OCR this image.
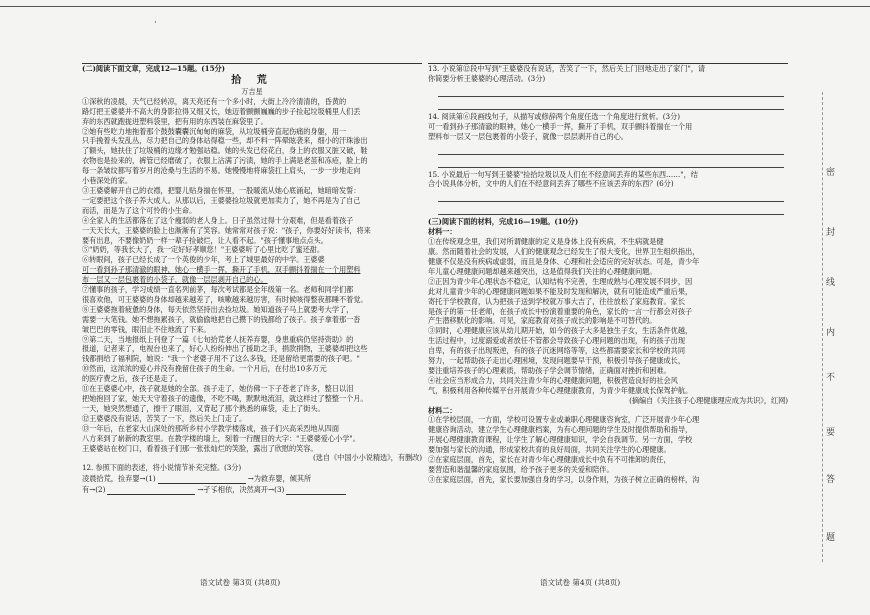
·
(二)阅读下面文章，完成12—15题。(15分)
拾 荒
万吉星
①深秋的凌晨，天气已经转凉，离天亮还有一个多小时，大街上冷冷清清的，昏黄的
路灯把王婆婆并不高大的身影拉得又细又长，她迈着颤颤巍巍的步子捡起垃圾桶里人们丢
弃的东西就跑拢进塑料袋里，把有用的东西装在麻袋里了。
②她有些吃力地拖着那个鼓鼓囊囊沉甸甸的麻袋，从垃圾桶旁直起伤痛的身躯，用一
只手挽着头发乱丛，尽力把自己的身体站得稳一些，却不料一阵晕眩袭来，细小的汗珠渗出
了额头，她扶住了垃圾桶的边缘才勉强站稳。她的头发已经花白，身上的衣服又脏又破，鞋
衣物也是捡来的，裤管已经磨破了，衣服上沾满了污渍，她的手上满是老茧和冻疮，脸上的
每一条皱纹都写着岁月的沧桑与生活的不易。她慢慢地将麻袋扛上肩头，一步一步地走向
小巷深处的家。
③王婆婆解开自己的衣襟，把婴儿贴身揣在怀里，一股暖流从她心底涌起，她暗暗发誓：
一定要把这个孩子养大成人。从那以后，王婆婆捡垃圾就更加卖力了，她不再是为了自己
而活，而是为了这个可怜的小生命。
④全家人的生活都落在了这个瘦弱的老人身上。日子虽然过得十分艰难，但是看着孩子
一天天长大，王婆婆的脸上也渐渐有了笑容。她常常对孩子说："孩子，你要好好读书，将来
要有出息，不要像奶奶一样一辈子捡破烂，让人看不起。"孩子懂事地点点头。
⑤"奶奶，等我长大了，我一定好好孝顺您！"王婆婆听了心里比吃了蜜还甜。
⑥转眼间，孩子已经长成了一个英俊的少年，考上了城里最好的中学。王婆婆
可一看到孙子那清澈的眼神，她心一横手一挥，撕开了手机，双手颤抖着揣在一个用塑料
布一层又一层包裹着的小袋子，就像一层层剥开自己的心。
⑦懂事的孩子，学习成绩一直名列前茅，每次考试都是全年级第一名。老师和同学们都
很喜欢他，可王婆婆的身体却越来越差了，咳嗽越来越厉害，有时候咳得整夜都睡不着觉。
⑧王婆婆拖着疲惫的身体，每天依然坚持出去捡垃圾。她知道孩子马上就要考大学了，
需要一大笔钱。她不想拖累孩子，就偷偷地把自己攒下的钱都给了孩子。孩子拿着那一沓
皱巴巴的零钱，眼泪止不住地流了下来。
⑨第二天，当地报纸上刊登了一篇《七旬拾荒老人抚养弃婴，身患重病仍坚持资助》的
报道，记者来了，电视台也来了，好心人纷纷伸出了援助之手，捐款捐物，王婆婆却把这些
钱都捐给了福利院，她说："我一个老婆子用不了这么多钱，还是留给更需要的孩子吧。"
⑩然而，这浓浓的爱心并没有挽留住孩子的生命。一个月后，在付出10多万元
的医疗费之后，孩子还是走了。
⑪在王婆婆心中，孩子就是她的全部。孩子走了，她仿佛一下子苍老了许多，整日以泪
把她抱回了家，她天天守着孩子的遗像，不吃不喝，默默地流泪，就这样过了整整一个月。
一天，她突然想通了，擦干了眼泪，又背起了那个熟悉的麻袋，走上了街头。
⑫王婆婆没有说话，苦笑了一下，然后关上门走了。
⑬一年后，在老家大山深处的那所乡村小学教学楼落成，孩子们兴高采烈地从四面
八方来到了崭新的教室里。在教学楼的墙上，刻着一行醒目的大字："王婆婆爱心小学"。
王婆婆站在校门口，看着孩子们那一张张灿烂的笑脸，露出了欣慰的笑容。
(选自《中国小小说精选》，有删改)
12. 参照下面的表述，将小说情节补充完整。(3分)
凌晨拾荒，捡弃婴→(1)	→为救弃婴，倾其所
有→(2)	→孑孓相依，决然离开→(3)
13. 小说第⑫段中写到"王婆婆没有说话，苦笑了一下，然后关上门回地走出了家门"，请
你简要分析王婆婆的心理活动。(3分)
14. 阅读第⑥段画线句子，从描写或修辞两个角度任选一个角度进行赏析。(3分)
可一看到孙子那清澈的眼神，她心一横手一挥，撕开了手机，双手颤抖着揣在一个用
塑料布一层又一层包裹着的小袋子，就像一层层剥开自己的心。
15. 小说最后一句写到王婆婆"捡拾垃圾以及人们在不经意间丢弃的某些东西……"，结
合小说具体分析，文中的人们在不经意间丢弃了哪些不应该丢弃的东西？(6分)
(三)阅读下面的材料，完成16—19题。(10分)
材料一：
①在传统观念里，我们对所谓健康的定义是身体上没有疾病，不生病就是健
康。然而随着社会的发展，人们的健康观念已经发生了很大变化，世界卫生组织指出，
健康不仅是没有疾病或虚弱，而且是身体、心理和社会适应的完好状态。可是，青少年
年儿童心理健康问题却越来越突出，这是值得我们关注的心理健康问题。
②正因为青少年心理状态不稳定，认知结构不完善，生理成熟与心理发展不同步，因
此对儿童青少年的心理健康问题如果不能及时发现和解决，就有可能造成严重后果，
寄托于学校教育，认为把孩子送到学校就万事大吉了，往往放松了家庭教育。家长
是孩子的第一任老师，在孩子成长中扮演着重要的角色，家长的一言一行都会对孩子
产生潜移默化的影响。可见，家庭教育对孩子成长的影响是不可替代的。
③同时，心理健康应该从幼儿期开始，如今的孩子大多是独生子女，生活条件优越，
生活过程中，过度溺爱或者放任不管都会导致孩子心理问题的出现，有的孩子出现
自卑，有的孩子出现叛逆，有的孩子沉迷网络等等，这些都需要家长和学校的共同
努力，一起帮助孩子走出心理困境，发现问题要早干预，积极引导孩子健康成长，
要注重培养孩子的心理素质，帮助孩子学会调节情绪，正确面对挫折和困难。
④社会应当形成合力，共同关注青少年的心理健康问题，积极营造良好的社会风
气，积极利用各种传媒平台开展青少年心理健康教育，为青少年健康成长保驾护航。
(摘编自《关注孩子心理健康理应成为共识》，红网)
材料二：
①在学校层面，一方面，学校可设置专业或兼职心理健康咨询室，广泛开展青少年心理
健康咨询活动，建立学生心理健康档案，为有心理问题的学生及时提供帮助和指导，
开展心理健康教育课程，让学生了解心理健康知识，学会自我调节。另一方面，学校
要加强与家长的沟通，形成家校共育的良好局面，共同关注学生的心理健康。
②在家庭层面，首先，家长在对青少年心理健康成长中负有不可推卸的责任，
要营造和谐温馨的家庭氛围，给予孩子更多的关爱和陪伴。
③在家庭层面，首先，家长要加强自身的学习，以身作则，为孩子树立正确的榜样，沟
语文试卷 第3页 (共8页)	语文试卷 第4页 (共8页)
密
封
线
内
不
要
答
题
